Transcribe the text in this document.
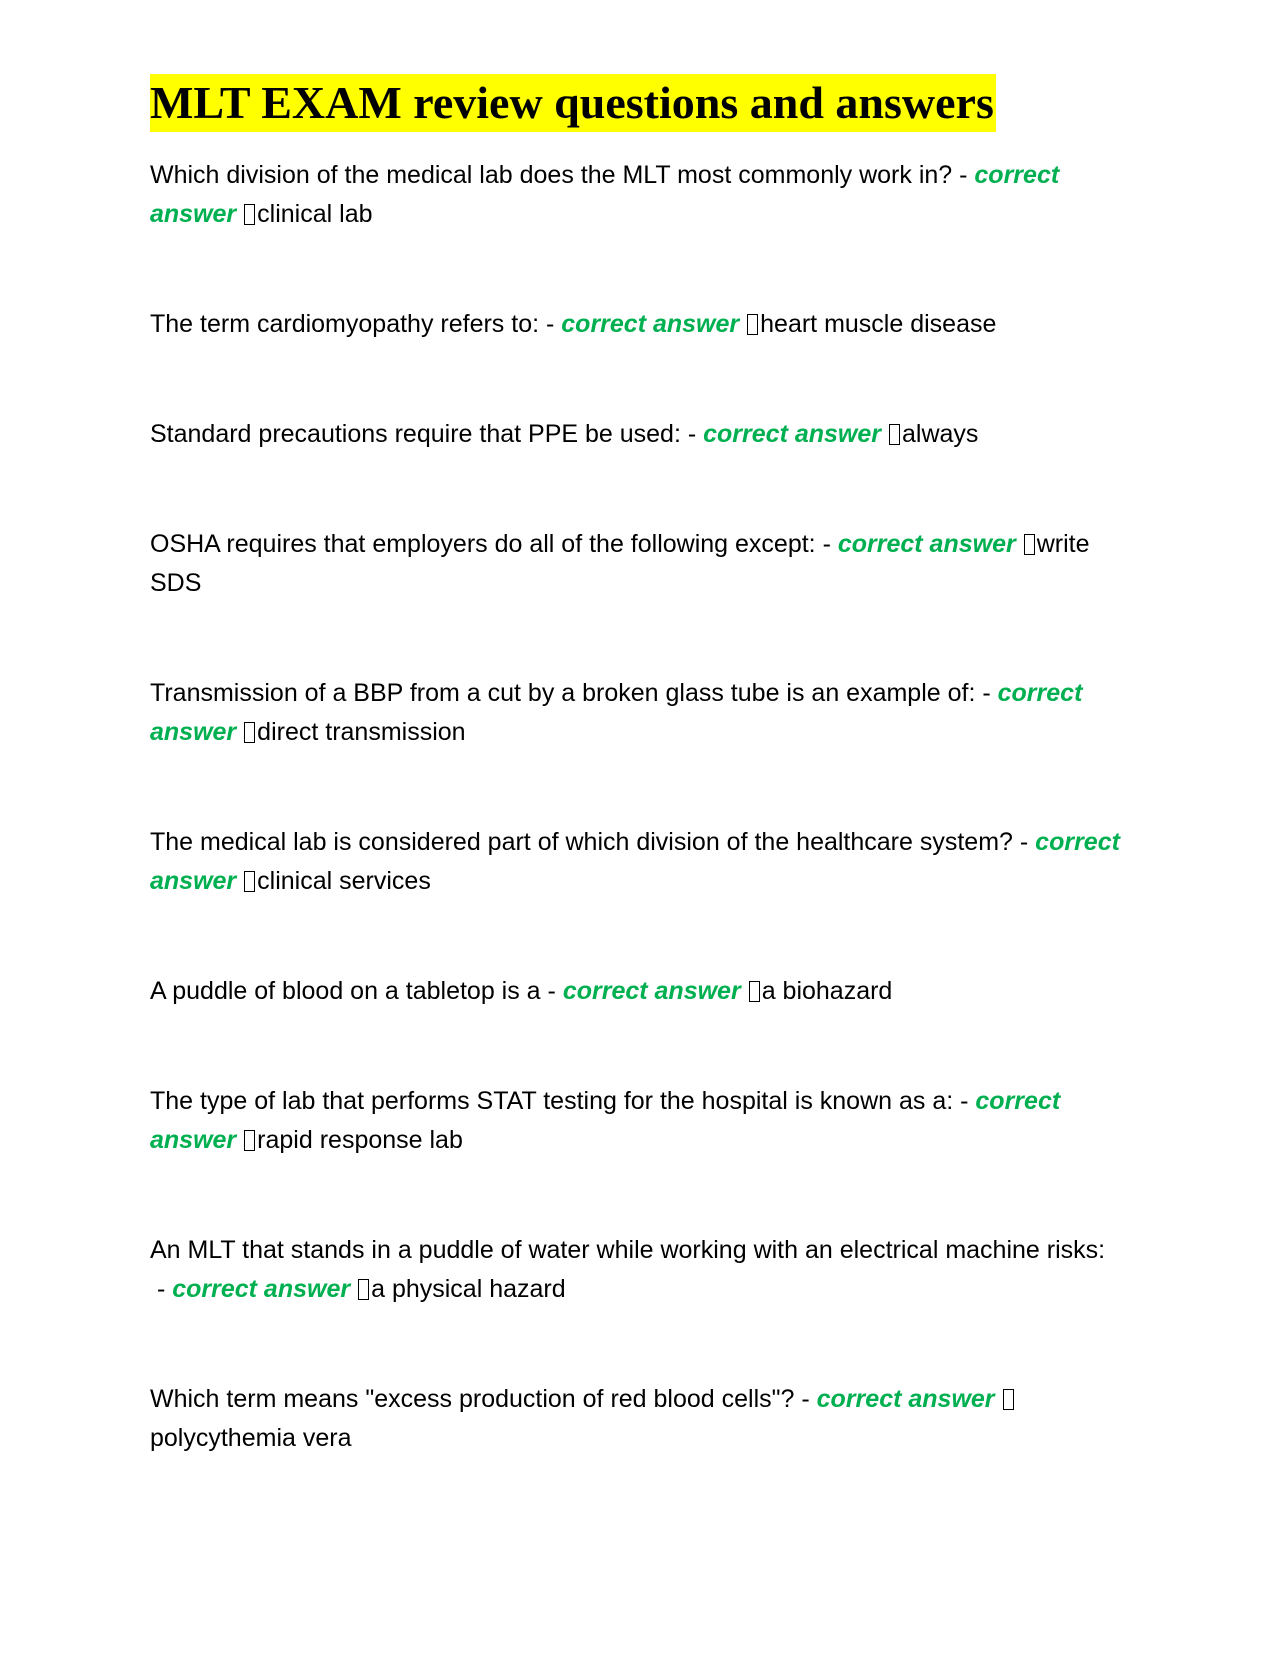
MLT EXAM review questions and answers

Which division of the medical lab does the MLT most commonly work in? - correct answer clinical lab

The term cardiomyopathy refers to: - correct answer heart muscle disease

Standard precautions require that PPE be used: - correct answer always

OSHA requires that employers do all of the following except: - correct answer write SDS

Transmission of a BBP from a cut by a broken glass tube is an example of: - correct answer direct transmission

The medical lab is considered part of which division of the healthcare system? - correct answer clinical services

A puddle of blood on a tabletop is a - correct answer a biohazard

The type of lab that performs STAT testing for the hospital is known as a: - correct answer rapid response lab

An MLT that stands in a puddle of water while working with an electrical machine risks: - correct answer a physical hazard

Which term means "excess production of red blood cells"? - correct answerpolycythemia vera
